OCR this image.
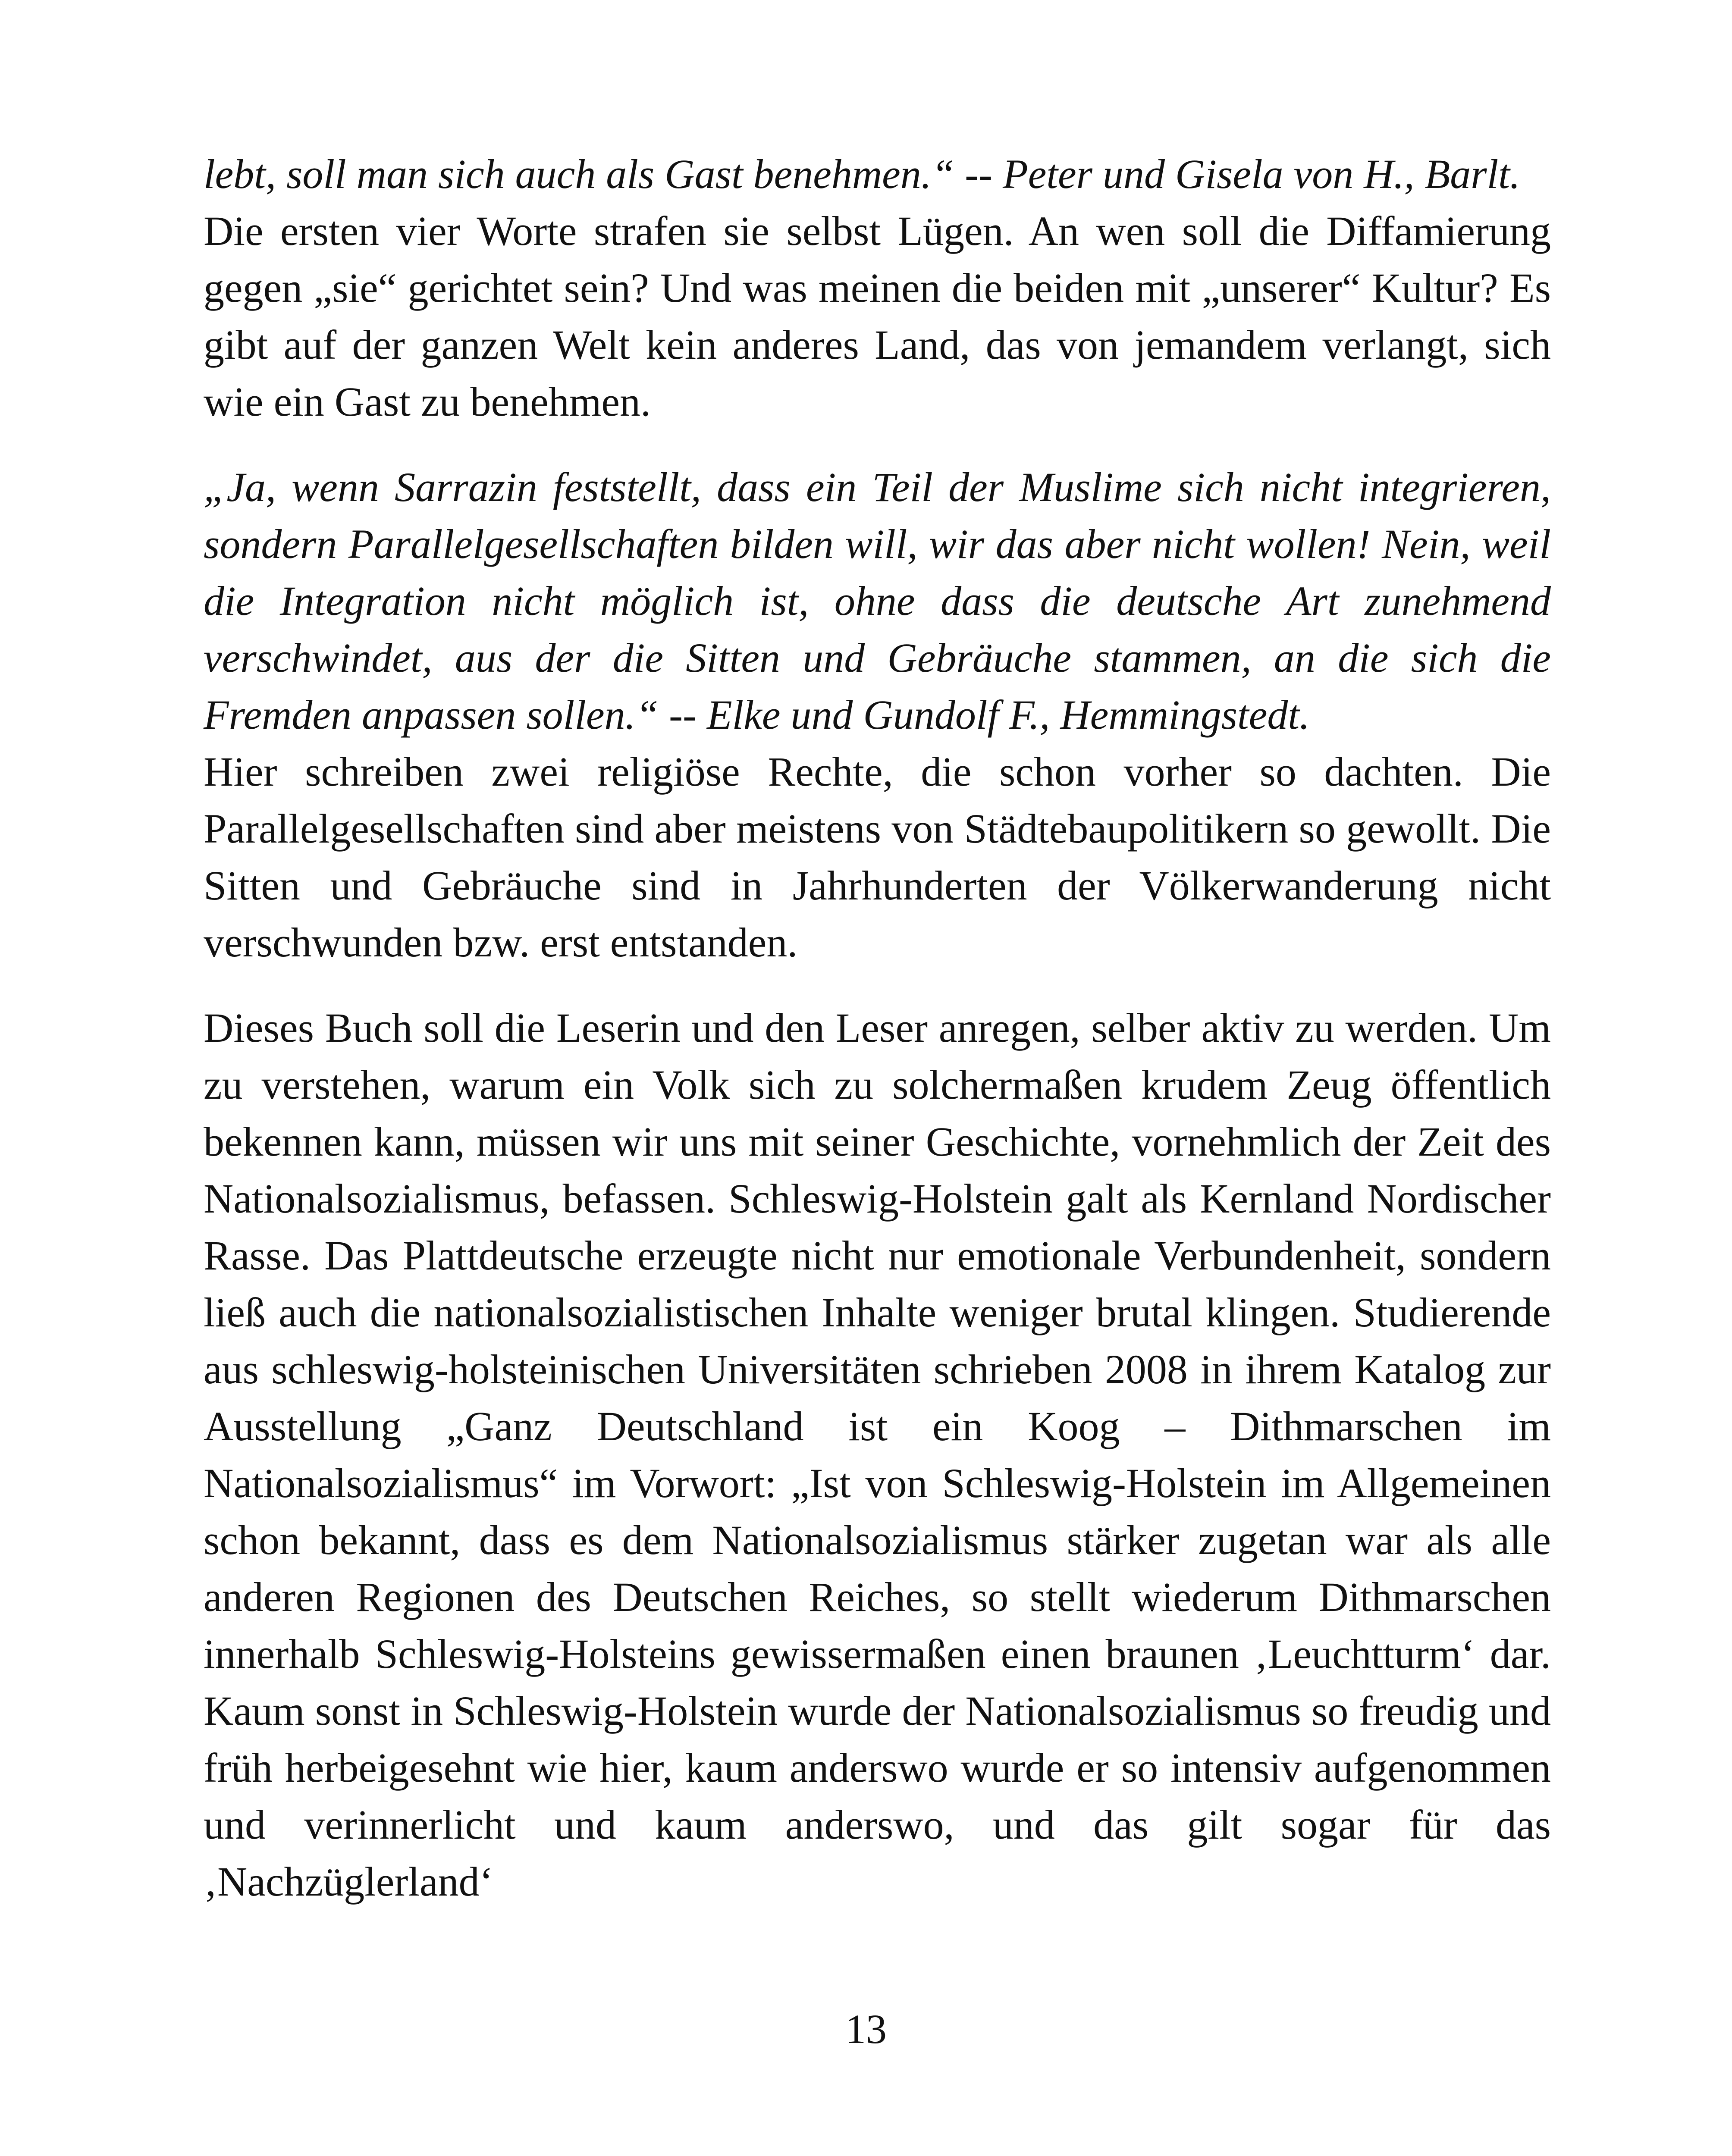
lebt, soll man sich auch als Gast benehmen.“ -- Peter und Gisela von H., Barlt.
Die ersten vier Worte strafen sie selbst Lügen. An wen soll die Diffamierung gegen „sie“ gerichtet sein? Und was meinen die beiden mit „unserer“ Kultur? Es gibt auf der ganzen Welt kein anderes Land, das von jemandem verlangt, sich wie ein Gast zu benehmen.

„Ja, wenn Sarrazin feststellt, dass ein Teil der Muslime sich nicht integrieren, sondern Parallelgesellschaften bilden will, wir das aber nicht wollen! Nein, weil die Integration nicht möglich ist, ohne dass die deutsche Art zunehmend verschwindet, aus der die Sitten und Gebräuche stammen, an die sich die Fremden anpassen sollen.“ -- Elke und Gundolf F., Hemmingstedt.
Hier schreiben zwei religiöse Rechte, die schon vorher so dachten. Die Parallelgesellschaften sind aber meistens von Städtebaupolitikern so gewollt. Die Sitten und Gebräuche sind in Jahrhunderten der Völkerwanderung nicht verschwunden bzw. erst entstanden.

Dieses Buch soll die Leserin und den Leser anregen, selber aktiv zu werden. Um zu verstehen, warum ein Volk sich zu solchermaßen krudem Zeug öffentlich bekennen kann, müssen wir uns mit seiner Geschichte, vornehmlich der Zeit des Nationalsozialismus, befassen. Schleswig-Holstein galt als Kernland Nordischer Rasse. Das Plattdeutsche erzeugte nicht nur emotionale Verbundenheit, sondern ließ auch die nationalsozialistischen Inhalte weniger brutal klingen. Studierende aus schleswig-holsteinischen Universitäten schrieben 2008 in ihrem Katalog zur Ausstellung „Ganz Deutschland ist ein Koog – Dithmarschen im Nationalsozialismus“ im Vorwort: „Ist von Schleswig-Holstein im Allgemeinen schon bekannt, dass es dem Nationalsozialismus stärker zugetan war als alle anderen Regionen des Deutschen Reiches, so stellt wiederum Dithmarschen innerhalb Schleswig-Holsteins gewissermaßen einen braunen ‚Leuchtturm‘ dar. Kaum sonst in Schleswig-Holstein wurde der Nationalsozialismus so freudig und früh herbeigesehnt wie hier, kaum anderswo wurde er so intensiv aufgenommen und verinnerlicht und kaum anderswo, und das gilt sogar für das ‚Nachzüglerland‘

13
